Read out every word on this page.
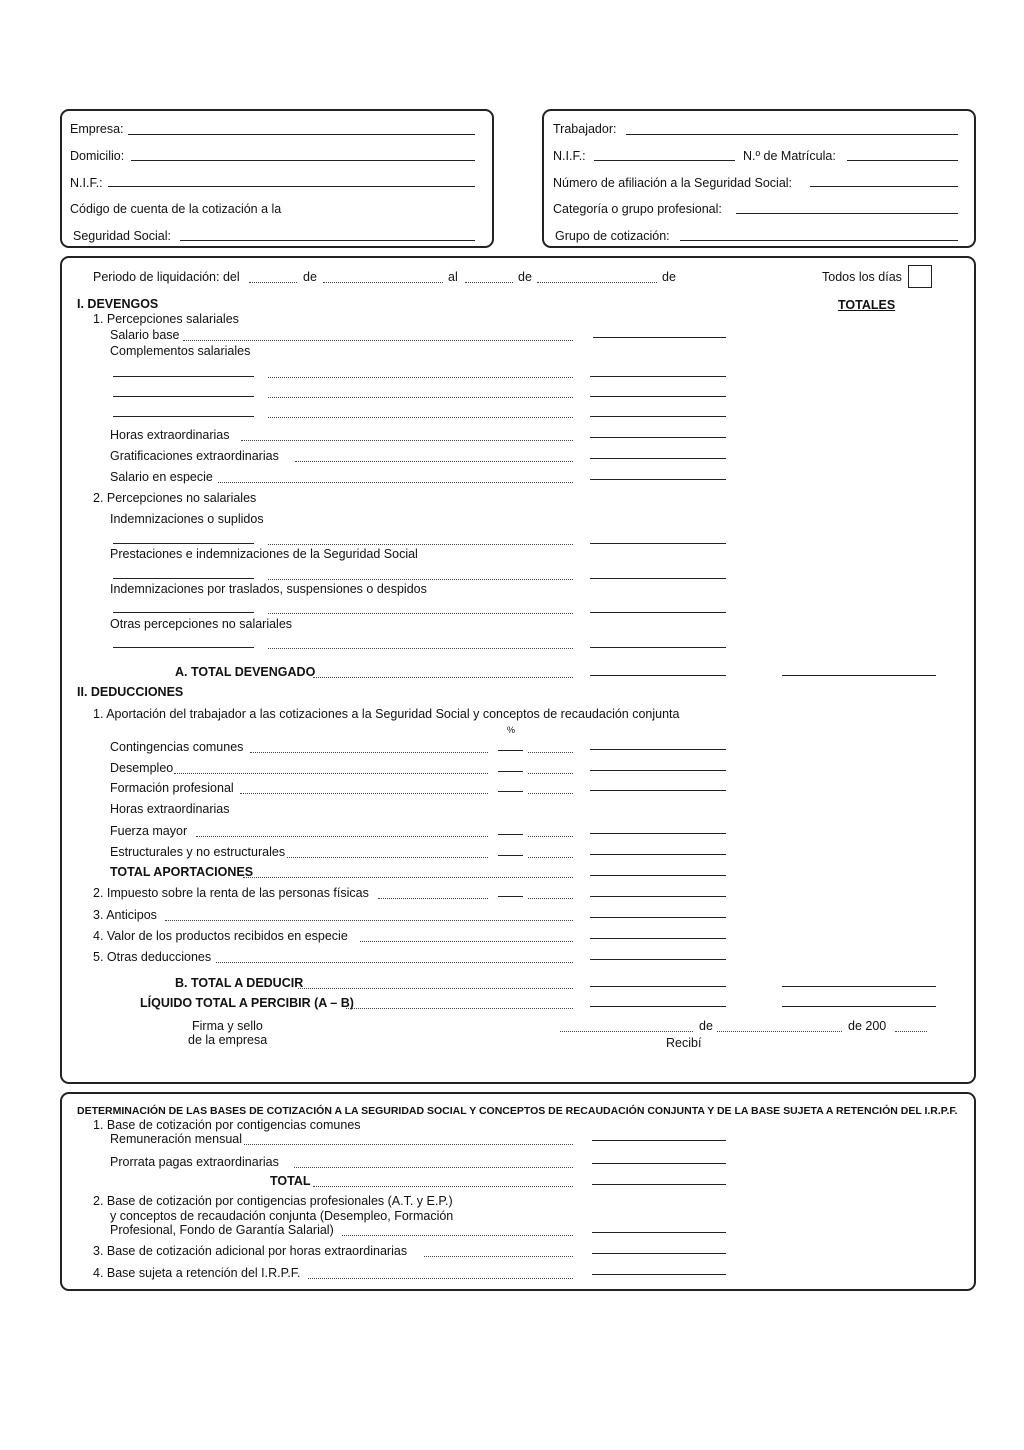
Empresa:
Domicilio:
N.I.F.:
Código de cuenta de la cotización a la
Seguridad Social:
Trabajador:
N.I.F.:	N.º de Matrícula:
Número de afiliación a la Seguridad Social:
Categoría o grupo profesional:
Grupo de cotización:
Periodo de liquidación: del	de	al	de	de	Todos los días
TOTALES
I. DEVENGOS
1. Percepciones salariales
Salario base
Complementos salariales
Horas extraordinarias
Gratificaciones extraordinarias
Salario en especie
2. Percepciones no salariales
Indemnizaciones o suplidos
Prestaciones e indemnizaciones de la Seguridad Social
Indemnizaciones por traslados, suspensiones o despidos
Otras percepciones no salariales
A. TOTAL DEVENGADO
II. DEDUCCIONES
1. Aportación del trabajador a las cotizaciones a la Seguridad Social y conceptos de recaudación conjunta
%
Contingencias comunes
Desempleo
Formación profesional
Horas extraordinarias
Fuerza mayor
Estructurales y no estructurales
TOTAL APORTACIONES
2. Impuesto sobre la renta de las personas físicas
3. Anticipos
4. Valor de los productos recibidos en especie
5. Otras deducciones
B. TOTAL A DEDUCIR
LÍQUIDO TOTAL A PERCIBIR (A – B)
Firma y sello
de la empresa
de	de 200
Recibí
DETERMINACIÓN DE LAS BASES DE COTIZACIÓN A LA SEGURIDAD SOCIAL Y CONCEPTOS DE RECAUDACIÓN CONJUNTA Y DE LA BASE SUJETA A RETENCIÓN DEL I.R.P.F.
1. Base de cotización por contigencias comunes
Remuneración mensual
Prorrata pagas extraordinarias
TOTAL
2. Base de cotización por contigencias profesionales (A.T. y E.P.)
y conceptos de recaudación conjunta (Desempleo, Formación
Profesional, Fondo de Garantía Salarial)
3. Base de cotización adicional por horas extraordinarias
4. Base sujeta a retención del I.R.P.F.
